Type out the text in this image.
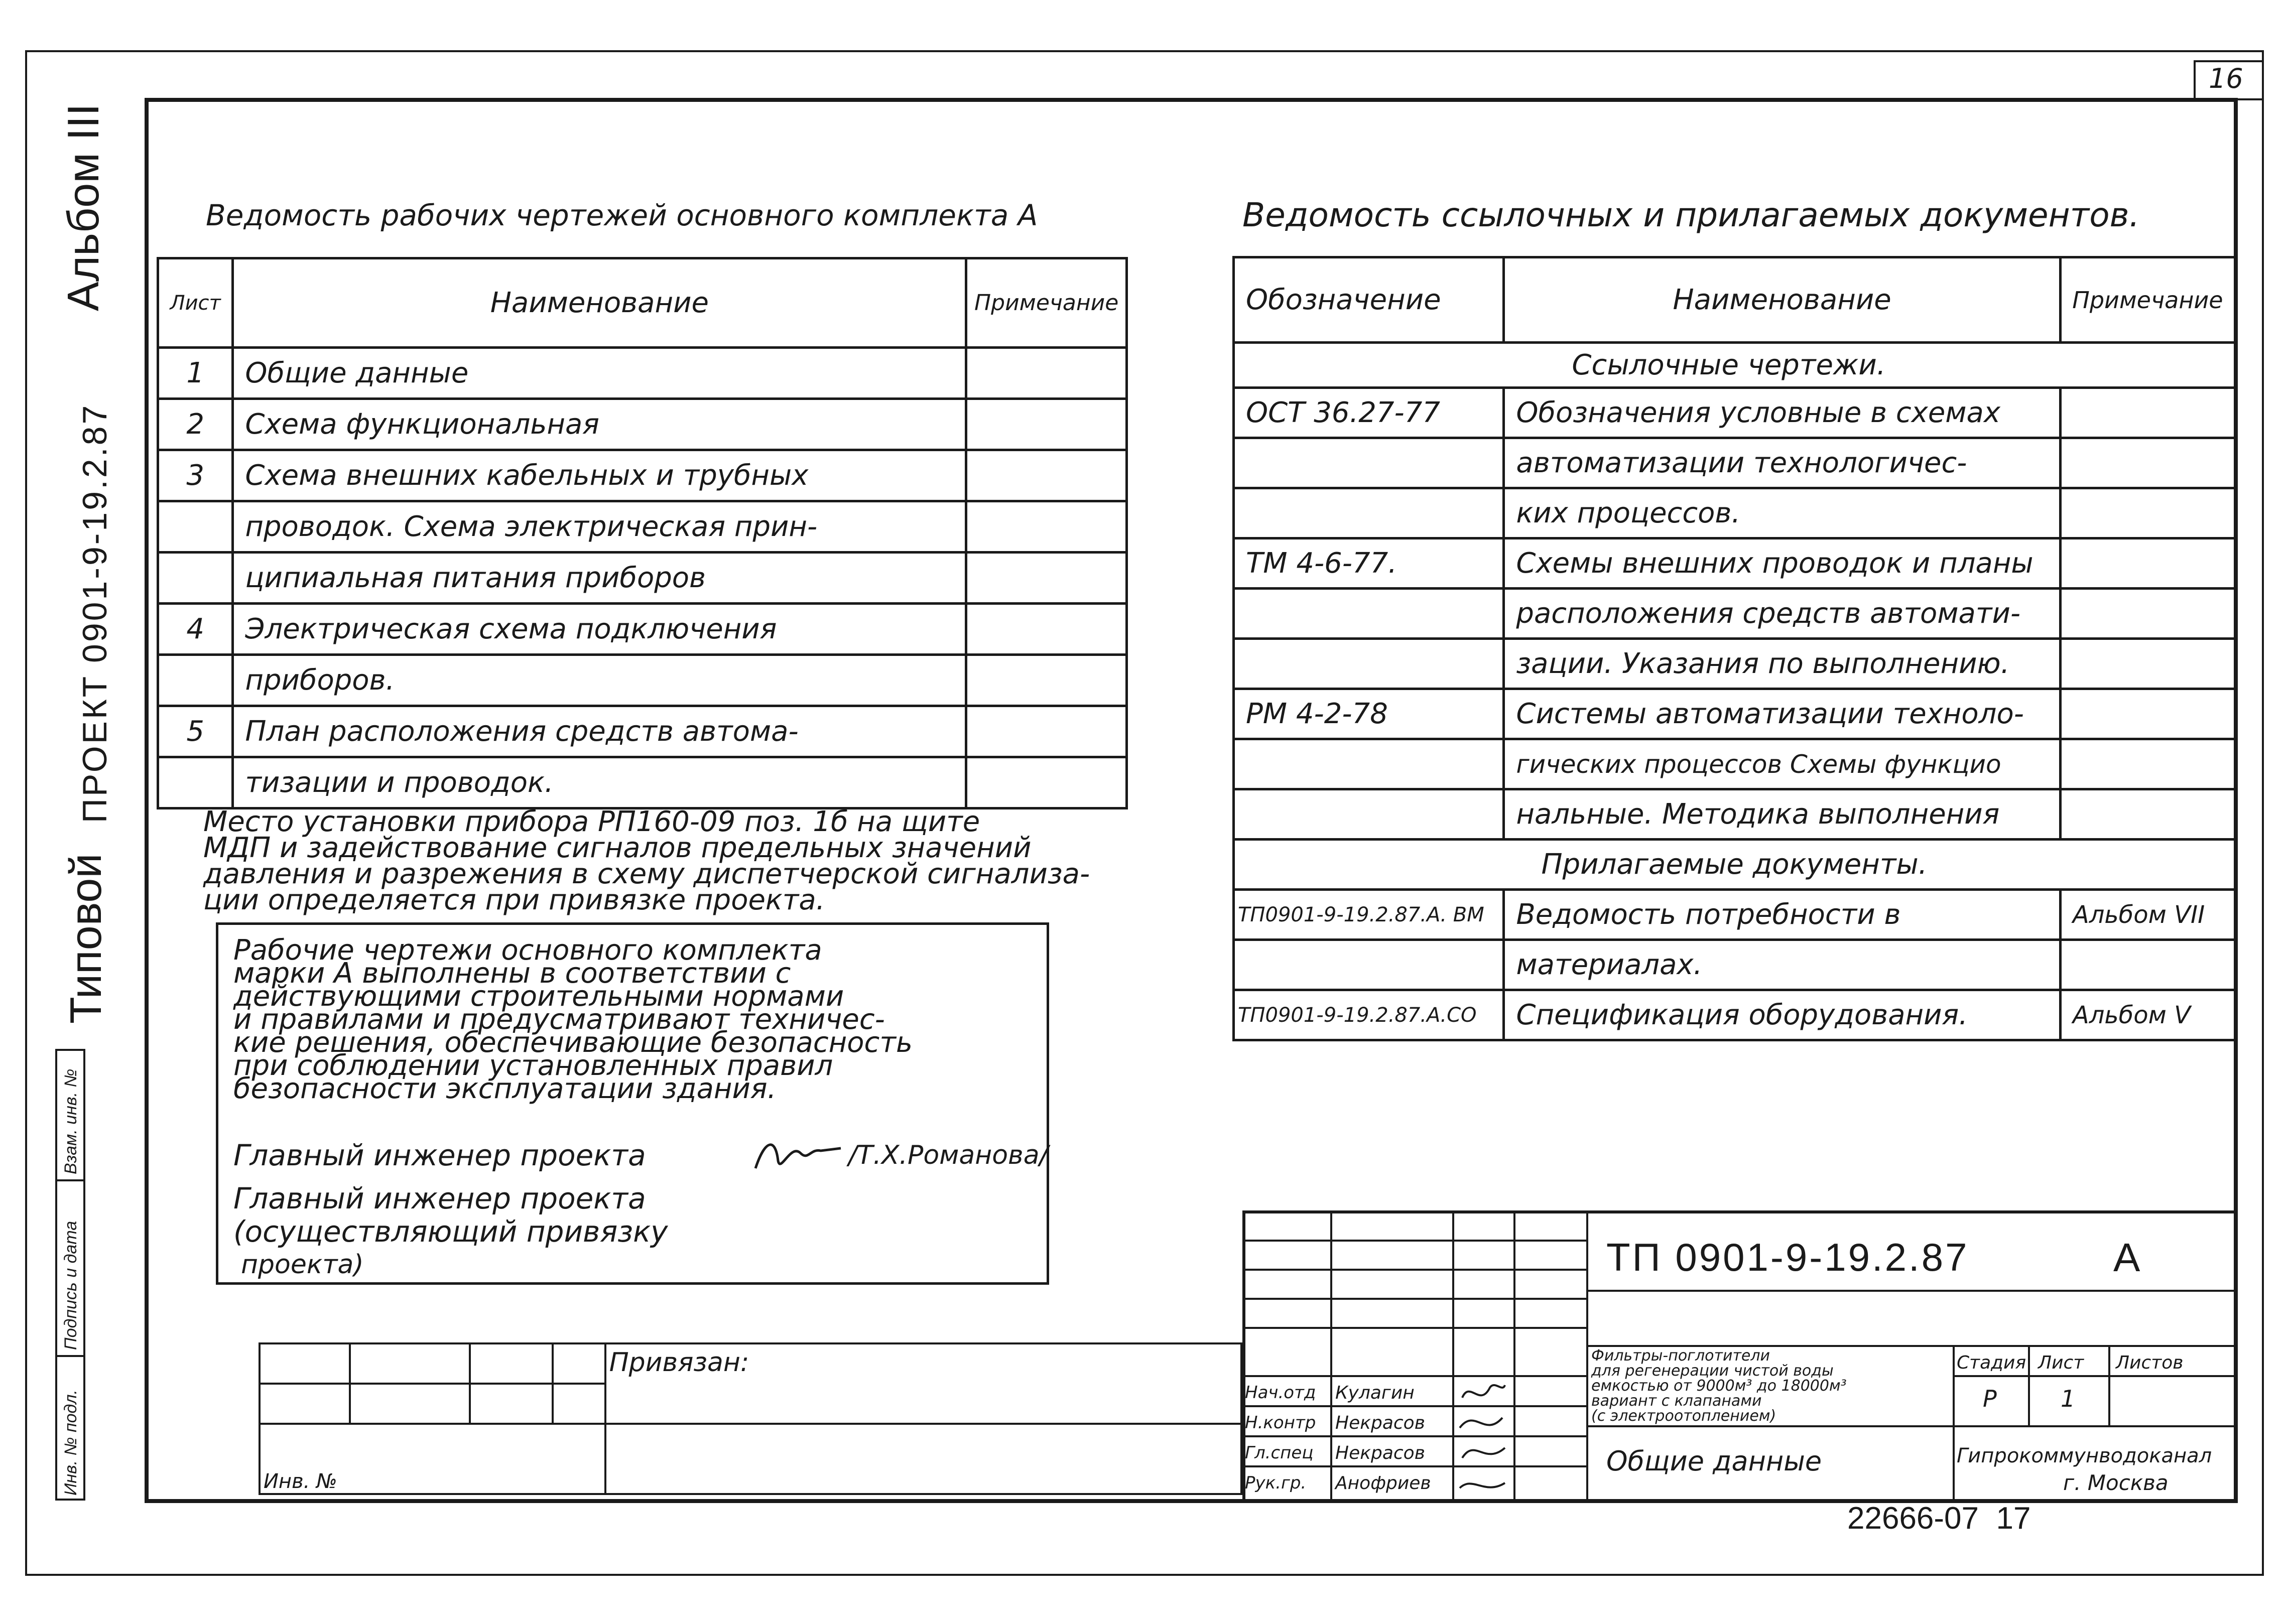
16
Альбом III
ПРОЕКТ 0901-9-19.2.87
Типовой
Взам. инв. №
Подпись и дата
Инв. № подл.
Ведомость рабочих чертежей основного комплекта А
Лист	Наименование	Примечание
1	Общие данные	
2	Схема функциональная	
3	Схема внешних кабельных и трубных	
	проводок. Схема электрическая прин-	
	ципиальная питания приборов	
4	Электрическая схема подключения	
	приборов.	
5	План расположения средств автома-	
	тизации и проводок.	
Место установки прибора РП160-09 поз. 1б на щите
МДП и задействование сигналов предельных значений
давления и разрежения в схему диспетчерской сигнализа-
ции определяется при привязке проекта.
Рабочие чертежи основного комплекта
марки А выполнены в соответствии с
действующими строительными нормами
и правилами и предусматривают техничес-
кие решения, обеспечивающие безопасность
при соблюдении установленных правил
безопасности эксплуатации здания.
Главный инженер проекта	/Т.Х.Романова/
Главный инженер проекта
(осуществляющий привязку
проекта)
Ведомость ссылочных и прилагаемых документов.
Обозначение	Наименование	Примечание
Ссылочные чертежи.		
ОСТ 36.27-77	Обозначения условные в схемах	
	автоматизации технологичес-	
	ких процессов.	
ТМ 4-6-77.	Схемы внешних проводок и планы	
	расположения средств автомати-	
	зации. Указания по выполнению.	
РМ 4-2-78	Системы автоматизации техноло-	
	гических процессов Схемы функцио	
	нальные. Методика выполнения	
Прилагаемые документы.		
ТП0901-9-19.2.87.А. ВМ	Ведомость потребности в	Альбом VII
	материалах.	
ТП0901-9-19.2.87.А.СО	Спецификация оборудования.	Альбом V
				Привязан:

Инв. №				
Нач.отд Кулагин
Н.контр Некрасов
Гл.спец Некрасов
Рук.гр. Анофриев
ТП 0901-9-19.2.87	А
Фильтры-поглотители
для регенерации чистой воды
емкостью от 9000м³ до 18000м³
вариант с клапанами
(с электроотоплением)
Стадия Лист Листов
Р	1
Общие данные	Гипрокоммунводоканал
г. Москва
22666-07  17
